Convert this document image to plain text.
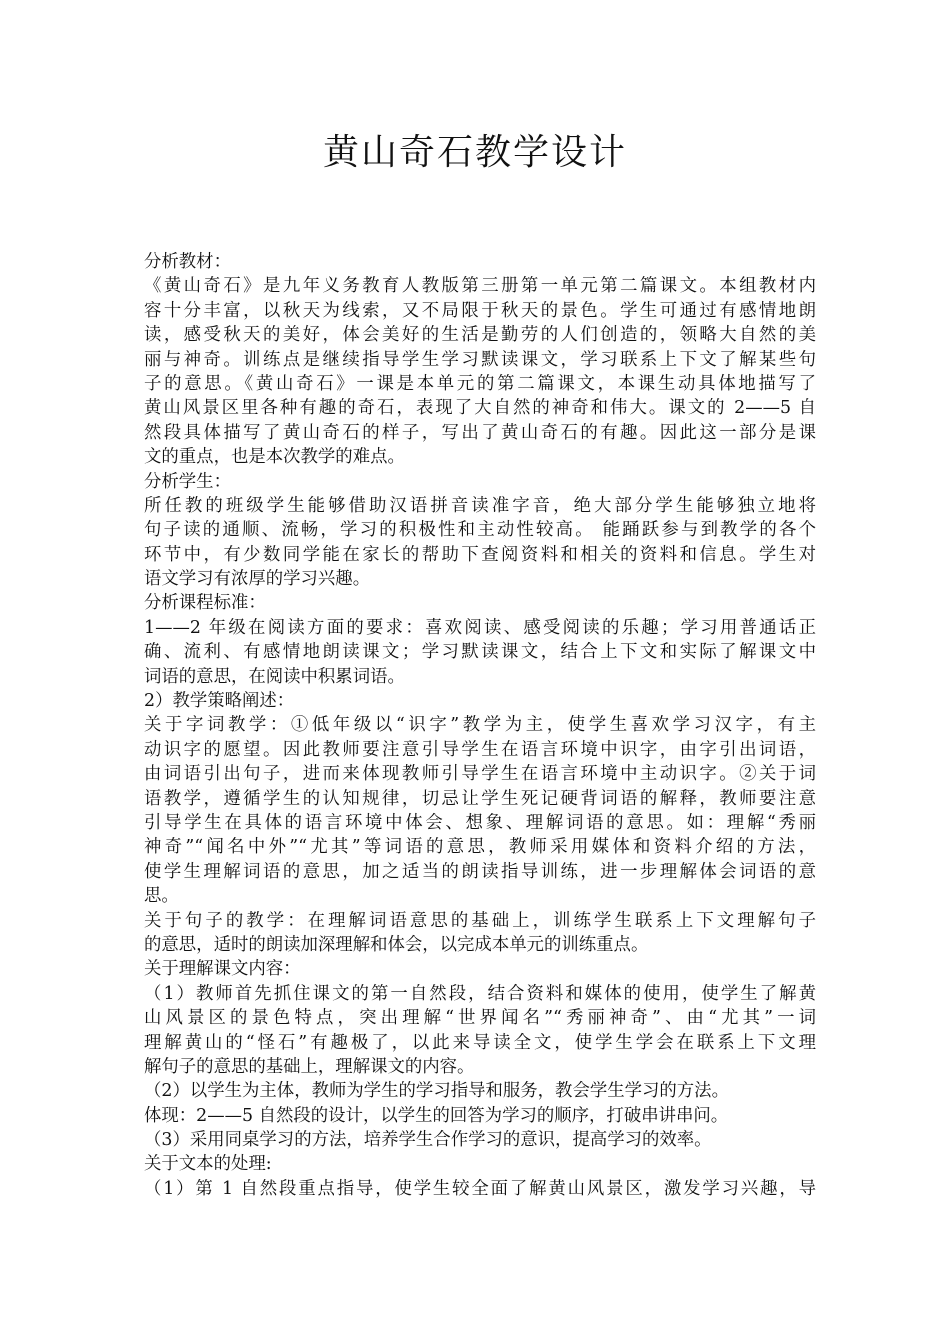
黄山奇石教学设计
分析教材：
《黄山奇石》是九年义务教育人教版第三册第一单元第二篇课文。本组教材内
容十分丰富，以秋天为线索，又不局限于秋天的景色。学生可通过有感情地朗
读，感受秋天的美好，体会美好的生活是勤劳的人们创造的，领略大自然的美
丽与神奇。训练点是继续指导学生学习默读课文，学习联系上下文了解某些句
子的意思。《黄山奇石》一课是本单元的第二篇课文，本课生动具体地描写了
黄山风景区里各种有趣的奇石，表现了大自然的神奇和伟大。课文的 2——5 自
然段具体描写了黄山奇石的样子，写出了黄山奇石的有趣。因此这一部分是课
文的重点，也是本次教学的难点。
分析学生：
所任教的班级学生能够借助汉语拼音读准字音，绝大部分学生能够独立地将
句子读的通顺、流畅，学习的积极性和主动性较高。 能踊跃参与到教学的各个
环节中，有少数同学能在家长的帮助下查阅资料和相关的资料和信息。学生对
语文学习有浓厚的学习兴趣。
分析课程标准：
1——2 年级在阅读方面的要求：喜欢阅读、感受阅读的乐趣；学习用普通话正
确、流利、有感情地朗读课文；学习默读课文，结合上下文和实际了解课文中
词语的意思，在阅读中积累词语。
2）教学策略阐述：
关于字词教学：①低年级以“识字”教学为主，使学生喜欢学习汉字，有主
动识字的愿望。因此教师要注意引导学生在语言环境中识字，由字引出词语，
由词语引出句子，进而来体现教师引导学生在语言环境中主动识字。②关于词
语教学，遵循学生的认知规律，切忌让学生死记硬背词语的解释，教师要注意
引导学生在具体的语言环境中体会、想象、理解词语的意思。如：理解“秀丽
神奇”“闻名中外”“尤其”等词语的意思，教师采用媒体和资料介绍的方法，
使学生理解词语的意思，加之适当的朗读指导训练，进一步理解体会词语的意
思。
关于句子的教学：在理解词语意思的基础上，训练学生联系上下文理解句子
的意思，适时的朗读加深理解和体会，以完成本单元的训练重点。
关于理解课文内容：
（1）教师首先抓住课文的第一自然段，结合资料和媒体的使用，使学生了解黄
山风景区的景色特点，突出理解“世界闻名”“秀丽神奇”、由“尤其”一词
理解黄山的“怪石”有趣极了，以此来导读全文，使学生学会在联系上下文理
解句子的意思的基础上，理解课文的内容。
（2）以学生为主体，教师为学生的学习指导和服务，教会学生学习的方法。
体现：2——5 自然段的设计，以学生的回答为学习的顺序，打破串讲串问。
（3）采用同桌学习的方法，培养学生合作学习的意识，提高学习的效率。
关于文本的处理:
（1）第 1 自然段重点指导，使学生较全面了解黄山风景区，激发学习兴趣，导
